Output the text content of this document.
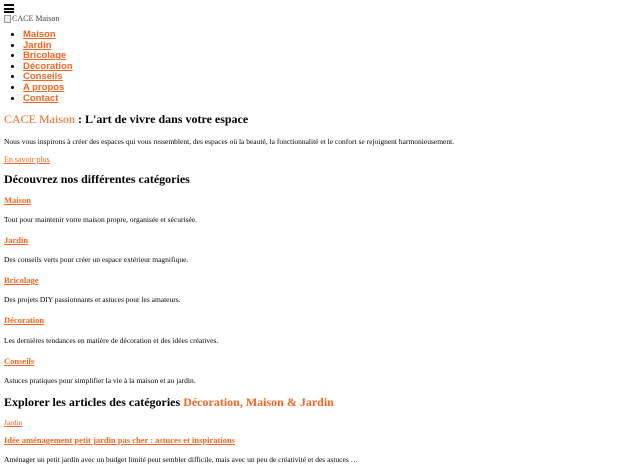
CACE Maison
• Maison
• Jardin
• Bricolage
• Décoration
• Conseils
• A propos
• Contact
CACE Maison : L'art de vivre dans votre espace

Nous vous inspirons à créer des espaces qui vous ressemblent, des espaces où la beauté, la fonctionnalité et le confort se rejoignent harmonieusement.

En savoir plus
Découvrez nos différentes catégories
Maison

Tout pour maintenir votre maison propre, organisée et sécurisée.

Jardin

Des conseils verts pour créer un espace extérieur magnifique.

Bricolage

Des projets DIY passionnants et astuces pour les amateurs.

Décoration

Les dernières tendances en matière de décoration et des idées créatives.

Conseils

Astuces pratiques pour simplifier la vie à la maison et au jardin.

Explorer les articles des catégories Décoration, Maison & Jardin
Jardin
Idée aménagement petit jardin pas cher : astuces et inspirations

Aménager un petit jardin avec un budget limité peut sembler difficile, mais avec un peu de créativité et des astuces …
